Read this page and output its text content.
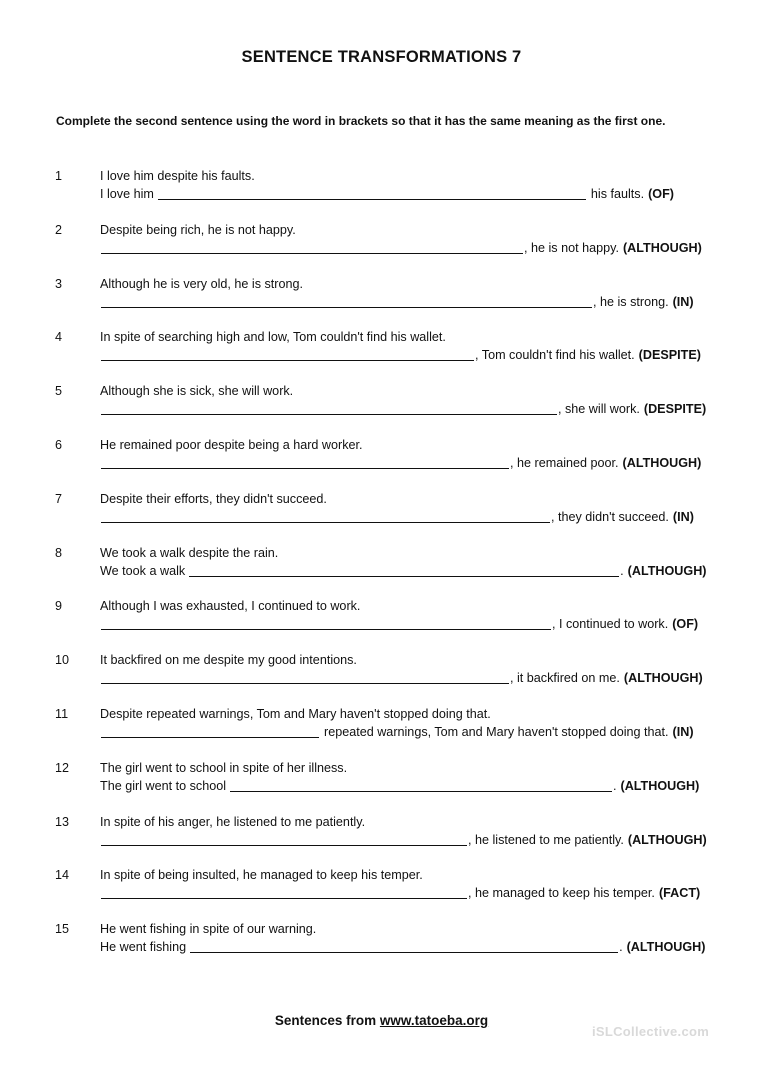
SENTENCE TRANSFORMATIONS 7
Complete the second sentence using the word in brackets so that it has the same meaning as the first one.
1	I love him despite his faults.
I love him	his faults. (OF)
2	Despite being rich, he is not happy.
, he is not happy. (ALTHOUGH)
3	Although he is very old, he is strong.
, he is strong. (IN)
4	In spite of searching high and low, Tom couldn't find his wallet.
, Tom couldn't find his wallet. (DESPITE)
5	Although she is sick, she will work.
, she will work. (DESPITE)
6	He remained poor despite being a hard worker.
, he remained poor. (ALTHOUGH)
7	Despite their efforts, they didn't succeed.
, they didn't succeed. (IN)
8	We took a walk despite the rain.
We took a walk	. (ALTHOUGH)
9	Although I was exhausted, I continued to work.
, I continued to work. (OF)
10 It backfired on me despite my good intentions.
, it backfired on me. (ALTHOUGH)
11	Despite repeated warnings, Tom and Mary haven't stopped doing that.
repeated warnings, Tom and Mary haven't stopped doing that. (IN)
12 The girl went to school in spite of her illness.
The girl went to school	. (ALTHOUGH)
13 In spite of his anger, he listened to me patiently.
, he listened to me patiently. (ALTHOUGH)
14 In spite of being insulted, he managed to keep his temper.
, he managed to keep his temper. (FACT)
15 He went fishing in spite of our warning.
He went fishing	. (ALTHOUGH)
Sentences from www.tatoeba.org
iSLCollective.com
